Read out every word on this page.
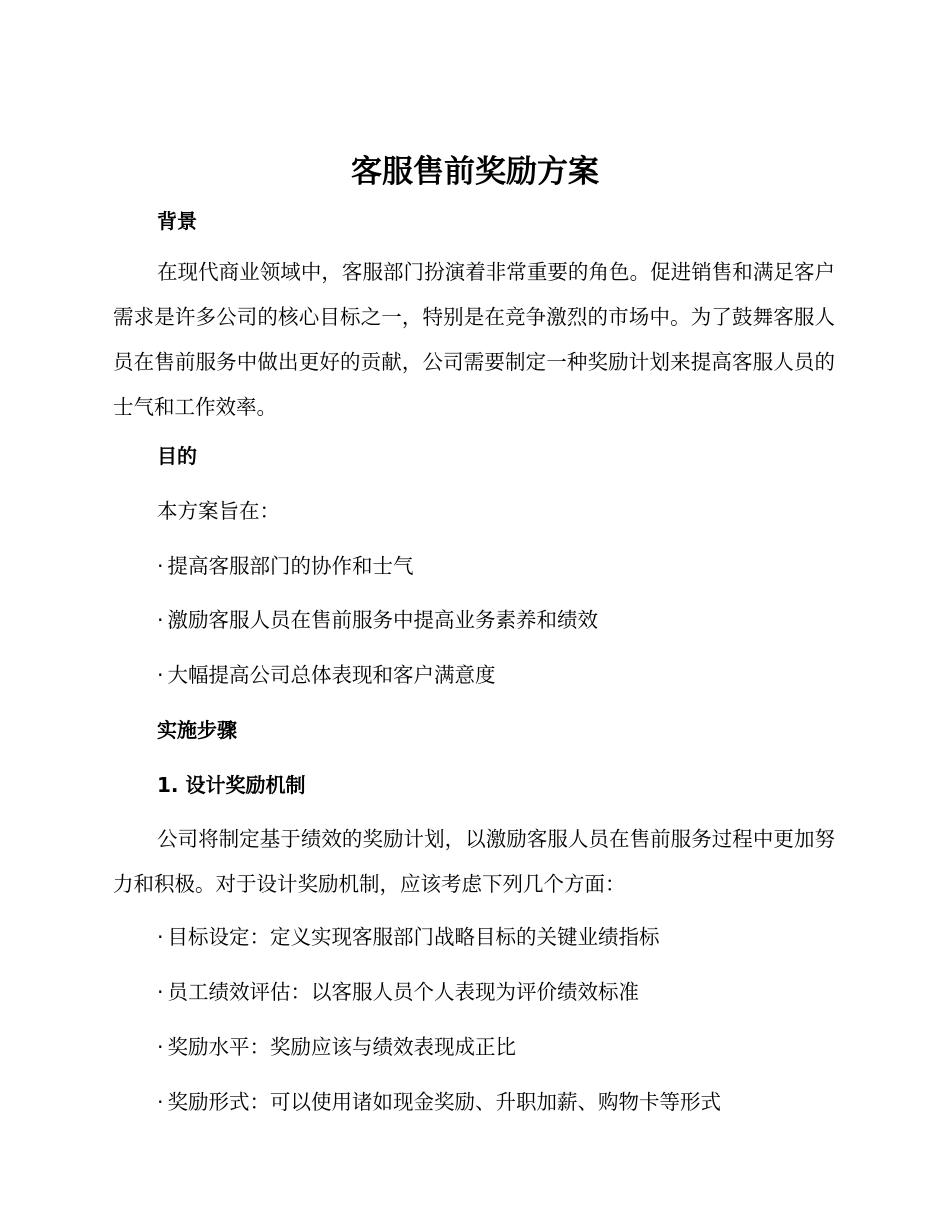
客服售前奖励方案
背景

在现代商业领域中，客服部门扮演着非常重要的角色。促进销售和满足客户需求是许多公司的核心目标之一，特别是在竞争激烈的市场中。为了鼓舞客服人员在售前服务中做出更好的贡献，公司需要制定一种奖励计划来提高客服人员的士气和工作效率。

目的

本方案旨在：

· 提高客服部门的协作和士气

· 激励客服人员在售前服务中提高业务素养和绩效

· 大幅提高公司总体表现和客户满意度

实施步骤
1. 设计奖励机制

公司将制定基于绩效的奖励计划，以激励客服人员在售前服务过程中更加努力和积极。对于设计奖励机制，应该考虑下列几个方面：

· 目标设定：定义实现客服部门战略目标的关键业绩指标

· 员工绩效评估：以客服人员个人表现为评价绩效标准

· 奖励水平：奖励应该与绩效表现成正比

· 奖励形式：可以使用诸如现金奖励、升职加薪、购物卡等形式
